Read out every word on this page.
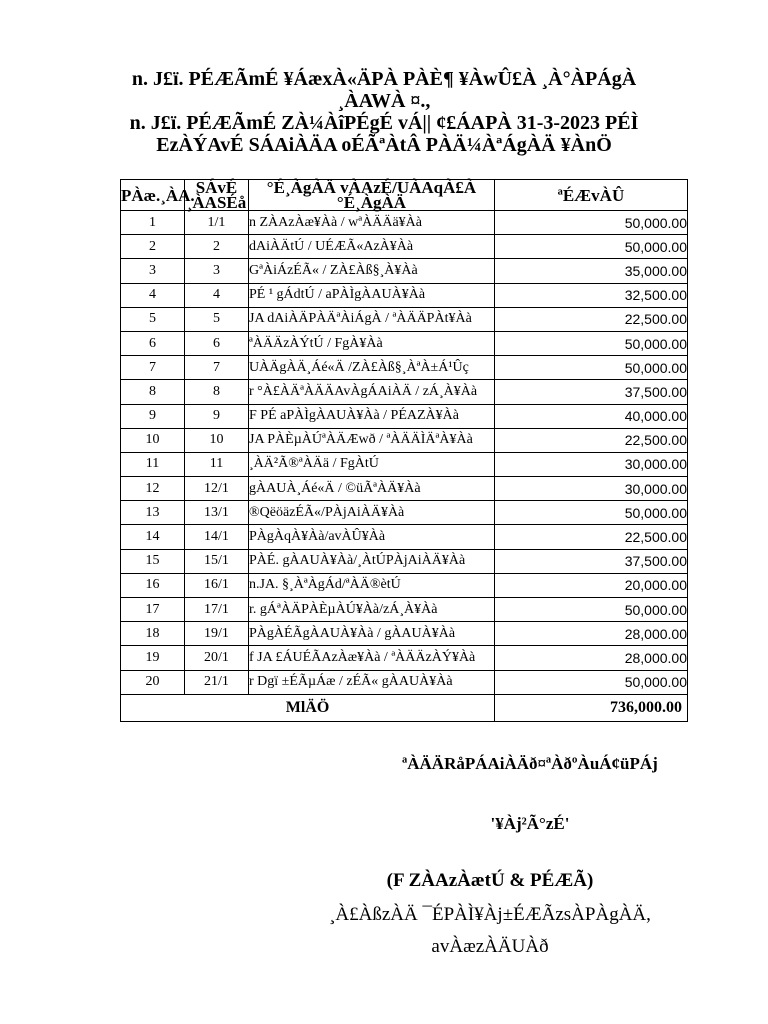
n. J£ï. PÉÆÃmÉ ¥ÁæxÀ«ÄPÀ PÀÈ¶ ¥ÀwÛ£À ¸À°ÀPÁgÀ ¸ÀAWÀ ¤.,
n. J£ï. PÉÆÃmÉ ZÀ¼ÀîPÉgÉ vÁ|| ¢£ÁAPÀ 31-3-2023 PÉÌ EzÀÝAvÉ SÁAiÀÄA oÉÃªÀtÂ PÀÄ¼ÀªÁgÀÄ ¥ÀnÖ
PÀæ.¸ÀA.	SÁvÉ ¸ÀASÉå	°É¸ÀgÀÄ vÀAzÉ/UÀAqÀ£À °É¸ÀgÀÄ	ªÉÆvÀÛ
1	1/1	n ZÀAzÀæ¥Àà / wªÀÄÄä¥Àà	50,000.00
2	2	dAiÀÄtÚ / UÉÆÃ«AzÀ¥Àà	50,000.00
3	3	GªÀiÁzÉÃ« / ZÀ£Àß§¸À¥Àà	35,000.00
4	4	PÉ ¹ gÁdtÚ / aPÀÌgÀAUÀ¥Àà	32,500.00
5	5	JA dAiÀÄPÀÄªÀiÁgÀ / ªÀÄÄPÀt¥Àà	22,500.00
6	6	ªÀÄÄzÀÝtÚ / FgÀ¥Àà	50,000.00
7	7	UÀÄgÀÄ¸Áé«Ä /ZÀ£Àß§¸ÀªÀ±Á¹Ûç	50,000.00
8	8	r °À£ÀÄªÀÄÄAvÀgÁAiÀÄ / zÁ¸À¥Àà	37,500.00
9	9	F PÉ aPÀÌgÀAUÀ¥Àà / PÉAZÀ¥Àà	40,000.00
10	10	JA PÀÈµÀÚªÀÄÆwð / ªÀÄÄÌÄªÀ¥Àà	22,500.00
11	11	¸ÀÄ²Ã®ªÀÄä / FgÀtÚ	30,000.00
12	12/1	gÀAUÀ¸Áé«Ä / ©üÃªÀÄ¥Àà	30,000.00
13	13/1	®QëöäzÉÃ«/PÀjAiÀÄ¥Àà	50,000.00
14	14/1	PÀgÀqÀ¥Àà/avÀÛ¥Àà	22,500.00
15	15/1	PÀÉ. gÀAUÀ¥Àà/¸ÀtÚPÀjAiÀÄ¥Àà	37,500.00
16	16/1	n.JA. §¸ÀªÀgÁd/ªÀÄ®ètÚ	20,000.00
17	17/1	r. gÁªÀÄPÀÈµÀÚ¥Àà/zÁ¸À¥Àà	50,000.00
18	19/1	PÀgÀÉÃgÀAUÀ¥Àà / gÀAUÀ¥Àà	28,000.00
19	20/1	f JA £ÁUÉÃAzÀæ¥Àà / ªÀÄÄzÀÝ¥Àà	28,000.00
20	21/1	r Dgï ±ÉÃµÁæ / zÉÃ« gÀAUÀ¥Àà	50,000.00
MlÄÖ			736,000.00
ªÀÄÄRåPÁAiÀÄð¤ªÀðºÀuÁ¢üPÁj
'¥Àj²Ã°zÉ'
(F ZÀAzÀætÚ & PÉÆÃ)
¸À£ÀßzÀÄ ¯ÉPÀÌ¥Àj±ÉÆÃzsÀPÀgÀÄ,
avÀæzÀÄUÀð
